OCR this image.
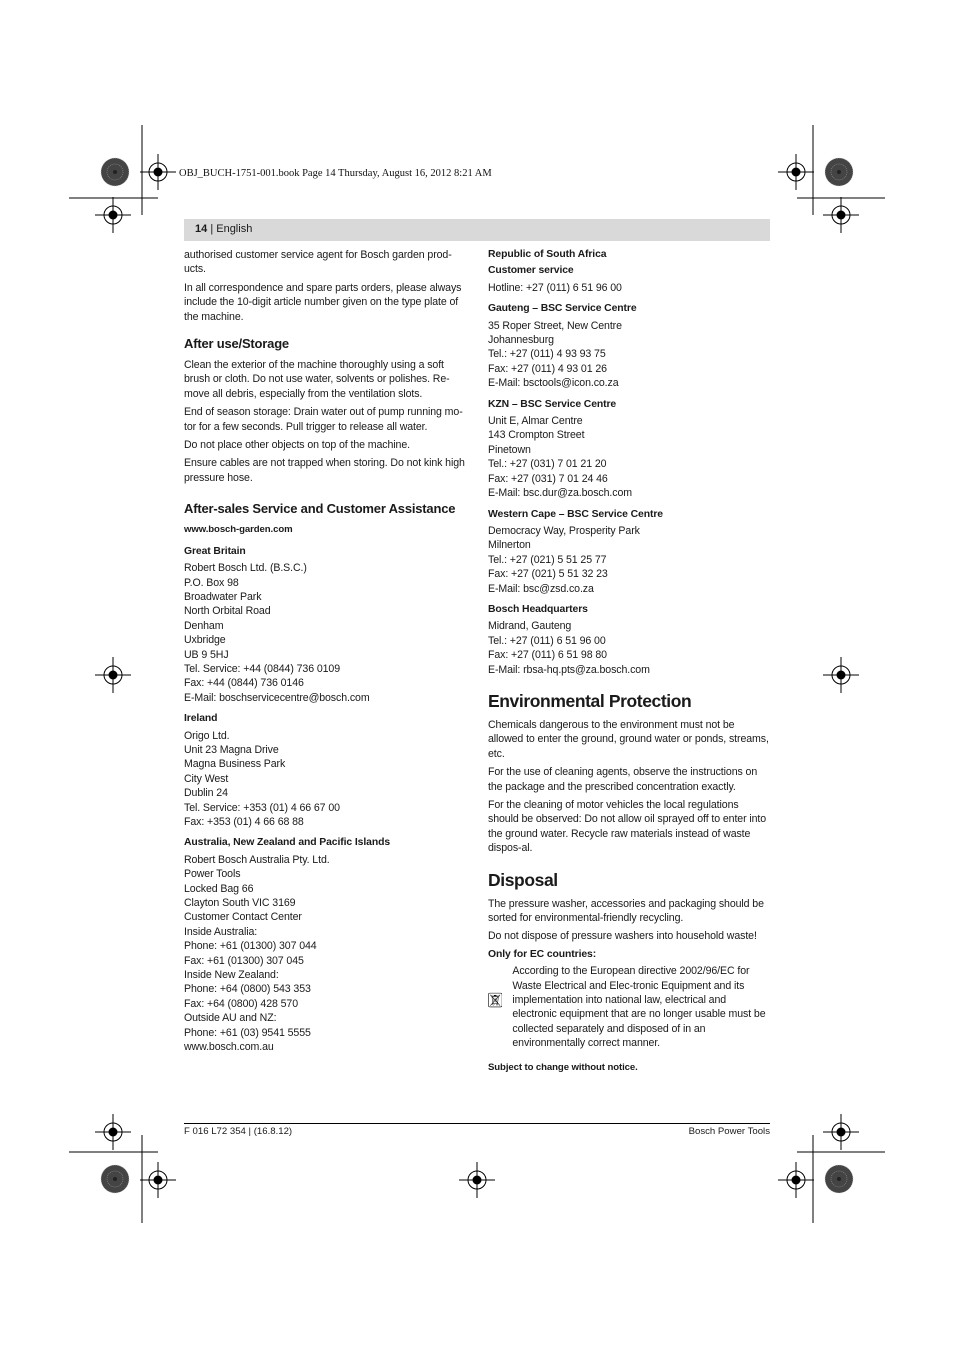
OBJ_BUCH-1751-001.book Page 14 Thursday, August 16, 2012 8:21 AM
14 | English

authorised customer service agent for Bosch garden prod-ucts.

In all correspondence and spare parts orders, please always include the 10-digit article number given on the type plate of the machine.

After use/Storage

Clean the exterior of the machine thoroughly using a soft brush or cloth. Do not use water, solvents or polishes. Re-move all debris, especially from the ventilation slots.

End of season storage: Drain water out of pump running mo-tor for a few seconds. Pull trigger to release all water.

Do not place other objects on top of the machine.

Ensure cables are not trapped when storing. Do not kink high pressure hose.

After-sales Service and Customer Assistance
www.bosch-garden.com
Great Britain
Robert Bosch Ltd. (B.S.C.)
P.O. Box 98
Broadwater Park
North Orbital Road
Denham
Uxbridge
UB 9 5HJ
Tel. Service: +44 (0844) 736 0109
Fax: +44 (0844) 736 0146
E-Mail: boschservicecentre@bosch.com
Ireland
Origo Ltd.
Unit 23 Magna Drive
Magna Business Park
City West
Dublin 24
Tel. Service: +353 (01) 4 66 67 00
Fax: +353 (01) 4 66 68 88
Australia, New Zealand and Pacific Islands
Robert Bosch Australia Pty. Ltd.
Power Tools
Locked Bag 66
Clayton South VIC 3169
Customer Contact Center
Inside Australia:
Phone: +61 (01300) 307 044
Fax: +61 (01300) 307 045
Inside New Zealand:
Phone: +64 (0800) 543 353
Fax: +64 (0800) 428 570
Outside AU and NZ:
Phone: +61 (03) 9541 5555
www.bosch.com.au
Republic of South Africa
Customer service
Hotline: +27 (011) 6 51 96 00
Gauteng – BSC Service Centre
35 Roper Street, New Centre
Johannesburg
Tel.: +27 (011) 4 93 93 75
Fax: +27 (011) 4 93 01 26
E-Mail: bsctools@icon.co.za
KZN – BSC Service Centre
Unit E, Almar Centre
143 Crompton Street
Pinetown
Tel.: +27 (031) 7 01 21 20
Fax: +27 (031) 7 01 24 46
E-Mail: bsc.dur@za.bosch.com
Western Cape – BSC Service Centre
Democracy Way, Prosperity Park
Milnerton
Tel.: +27 (021) 5 51 25 77
Fax: +27 (021) 5 51 32 23
E-Mail: bsc@zsd.co.za
Bosch Headquarters
Midrand, Gauteng
Tel.: +27 (011) 6 51 96 00
Fax: +27 (011) 6 51 98 80
E-Mail: rbsa-hq.pts@za.bosch.com
Environmental Protection

Chemicals dangerous to the environment must not be allowed to enter the ground, ground water or ponds, streams, etc.

For the use of cleaning agents, observe the instructions on the package and the prescribed concentration exactly.

For the cleaning of motor vehicles the local regulations should be observed: Do not allow oil sprayed off to enter into the ground water. Recycle raw materials instead of waste dispos-al.

Disposal

The pressure washer, accessories and packaging should be sorted for environmental-friendly recycling.

Do not dispose of pressure washers into household waste!

Only for EC countries:

According to the European directive 2002/96/EC for Waste Electrical and Elec-tronic Equipment and its implementation into national law, electrical and electronic equipment that are no longer usable must be collected separately and disposed of in an environmentally correct manner.

Subject to change without notice.
F 016 L72 354 | (16.8.12)	Bosch Power Tools
